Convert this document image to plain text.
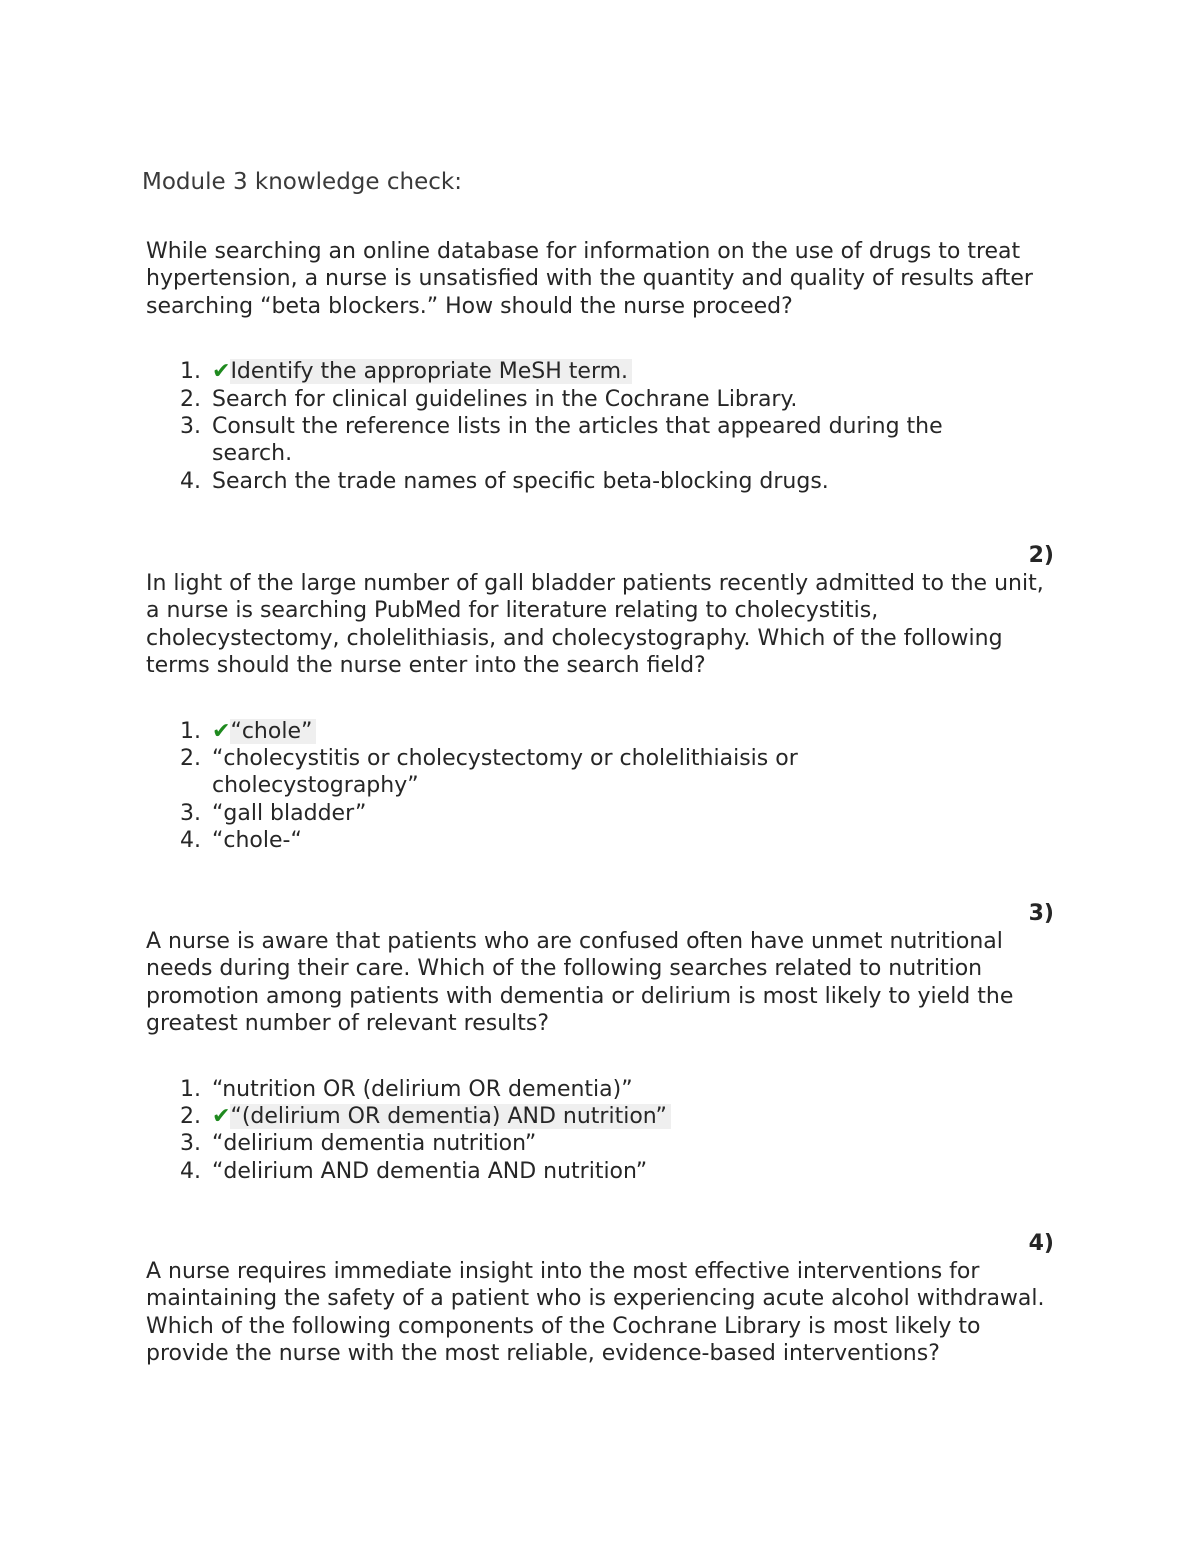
Module 3 knowledge check:

While searching an online database for information on the use of drugs to treat hypertension, a nurse is unsatisfied with the quantity and quality of results after searching “beta blockers.” How should the nurse proceed?

1. ✔Identify the appropriate MeSH term.
2. Search for clinical guidelines in the Cochrane Library.
3. Consult the reference lists in the articles that appeared during the search.
4. Search the trade names of specific beta-blocking drugs.
2)

In light of the large number of gall bladder patients recently admitted to the unit, a nurse is searching PubMed for literature relating to cholecystitis, cholecystectomy, cholelithiasis, and cholecystography. Which of the following terms should the nurse enter into the search field?

1. ✔“chole”
2. “cholecystitis or cholecystectomy or cholelithiaisis or cholecystography”
3. “gall bladder”
4. “chole-“
3)

A nurse is aware that patients who are confused often have unmet nutritional needs during their care. Which of the following searches related to nutrition promotion among patients with dementia or delirium is most likely to yield the greatest number of relevant results?

1. “nutrition OR (delirium OR dementia)”
2. ✔“(delirium OR dementia) AND nutrition”
3. “delirium dementia nutrition”
4. “delirium AND dementia AND nutrition”
4)

A nurse requires immediate insight into the most effective interventions for maintaining the safety of a patient who is experiencing acute alcohol withdrawal. Which of the following components of the Cochrane Library is most likely to provide the nurse with the most reliable, evidence-based interventions?
